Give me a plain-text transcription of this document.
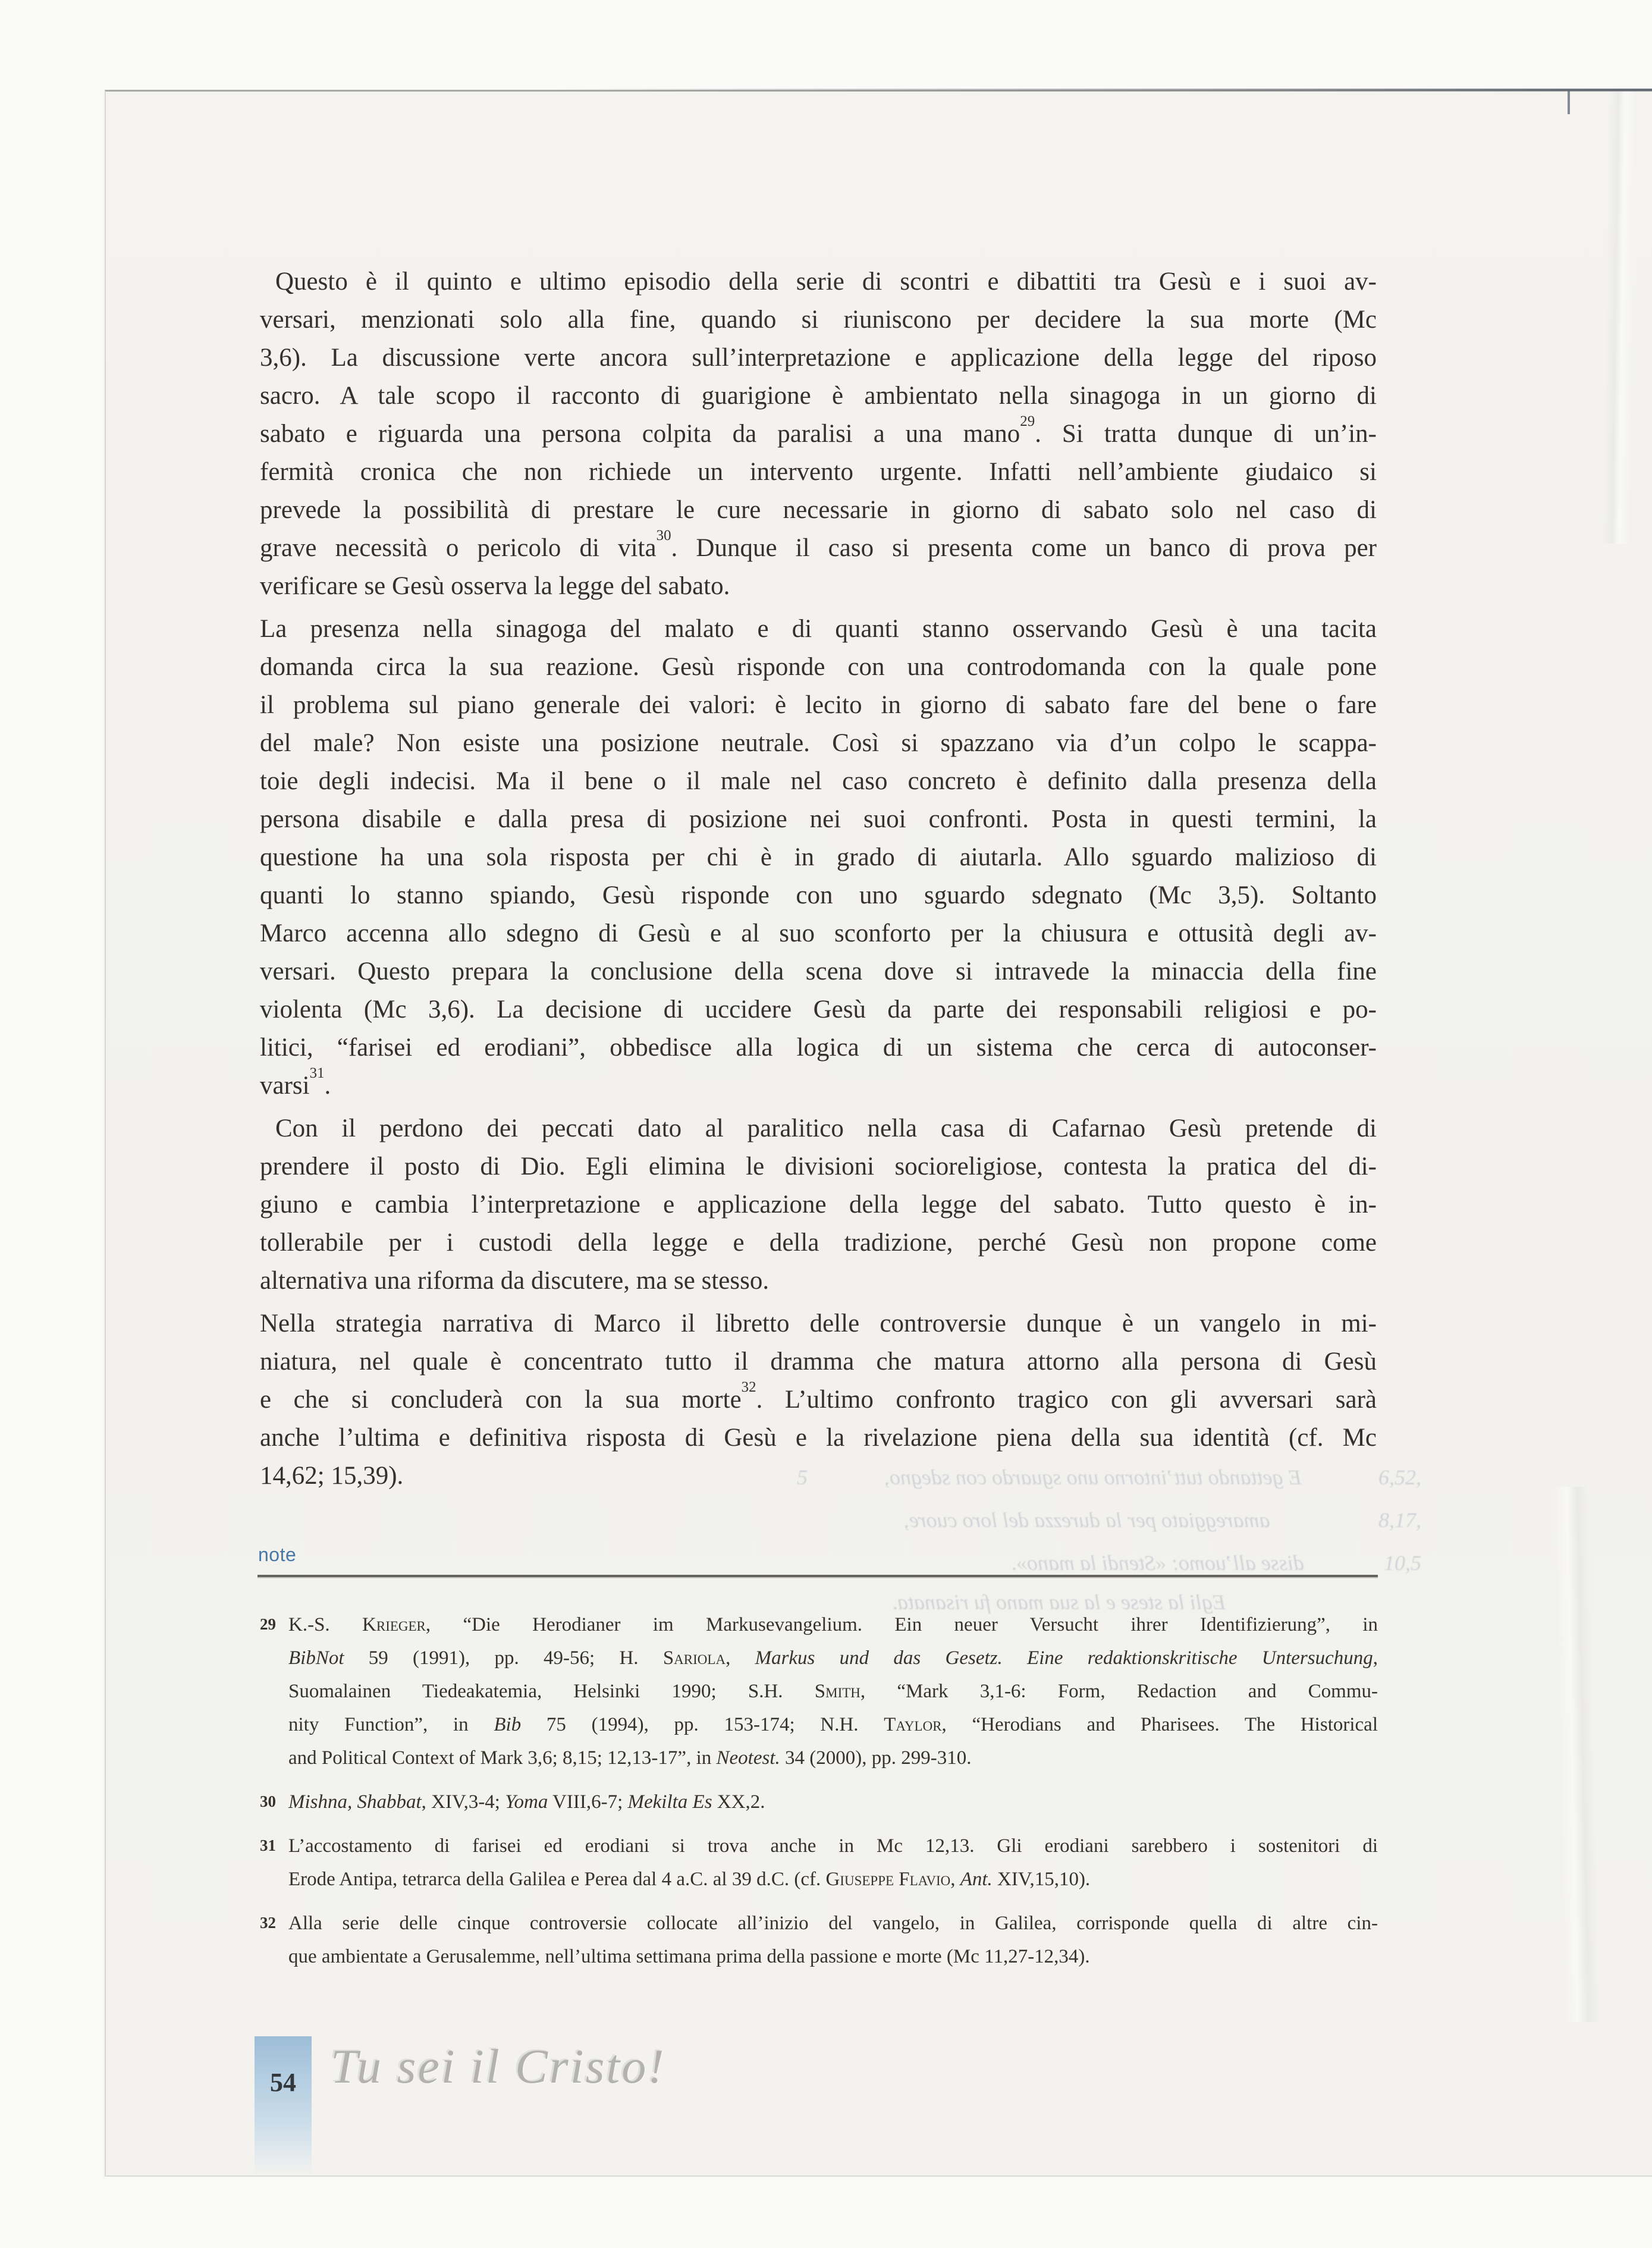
5	E gettando tutt’intorno uno sguardo con sdegno,	6,52,
amareggiato per la durezza del loro cuore,	8,17,
disse all’uomo: «Stendi la mano».	10,5
Egli la stese e la sua mano fu risanata.
Questo è il quinto e ultimo episodio della serie di scontri e dibattiti tra Gesù e i suoi av-
versari, menzionati solo alla fine, quando si riuniscono per decidere la sua morte (Mc
3,6). La discussione verte ancora sull’interpretazione e applicazione della legge del riposo
sacro. A tale scopo il racconto di guarigione è ambientato nella sinagoga in un giorno di
sabato e riguarda una persona colpita da paralisi a una mano$^{29}$. Si tratta dunque di un’in-
fermità cronica che non richiede un intervento urgente. Infatti nell’ambiente giudaico si
prevede la possibilità di prestare le cure necessarie in giorno di sabato solo nel caso di
grave necessità o pericolo di vita$^{30}$. Dunque il caso si presenta come un banco di prova per
verificare se Gesù osserva la legge del sabato.
La presenza nella sinagoga del malato e di quanti stanno osservando Gesù è una tacita
domanda circa la sua reazione. Gesù risponde con una controdomanda con la quale pone
il problema sul piano generale dei valori: è lecito in giorno di sabato fare del bene o fare
del male? Non esiste una posizione neutrale. Così si spazzano via d’un colpo le scappa-
toie degli indecisi. Ma il bene o il male nel caso concreto è definito dalla presenza della
persona disabile e dalla presa di posizione nei suoi confronti. Posta in questi termini, la
questione ha una sola risposta per chi è in grado di aiutarla. Allo sguardo malizioso di
quanti lo stanno spiando, Gesù risponde con uno sguardo sdegnato (Mc 3,5). Soltanto
Marco accenna allo sdegno di Gesù e al suo sconforto per la chiusura e ottusità degli av-
versari. Questo prepara la conclusione della scena dove si intravede la minaccia della fine
violenta (Mc 3,6). La decisione di uccidere Gesù da parte dei responsabili religiosi e po-
litici, “farisei ed erodiani”, obbedisce alla logica di un sistema che cerca di autoconser-
varsi$^{31}$.
Con il perdono dei peccati dato al paralitico nella casa di Cafarnao Gesù pretende di
prendere il posto di Dio. Egli elimina le divisioni socioreligiose, contesta la pratica del di-
giuno e cambia l’interpretazione e applicazione della legge del sabato. Tutto questo è in-
tollerabile per i custodi della legge e della tradizione, perché Gesù non propone come
alternativa una riforma da discutere, ma se stesso.
Nella strategia narrativa di Marco il libretto delle controversie dunque è un vangelo in mi-
niatura, nel quale è concentrato tutto il dramma che matura attorno alla persona di Gesù
e che si concluderà con la sua morte$^{32}$. L’ultimo confronto tragico con gli avversari sarà
anche l’ultima e definitiva risposta di Gesù e la rivelazione piena della sua identità (cf. Mc
14,62; 15,39).
note
29 K.-S. Krieger, “Die Herodianer im Markusevangelium. Ein neuer Versucht ihrer Identifizierung”, in
BibNot 59 (1991), pp. 49-56; H. Sariola, Markus und das Gesetz. Eine redaktionskritische Untersuchung,
Suomalainen Tiedeakatemia, Helsinki 1990; S.H. Smith, “Mark 3,1-6: Form, Redaction and Commu-
nity Function”, in Bib 75 (1994), pp. 153-174; N.H. Taylor, “Herodians and Pharisees. The Historical
and Political Context of Mark 3,6; 8,15; 12,13-17”, in Neotest. 34 (2000), pp. 299-310.
30 Mishna, Shabbat, XIV,3-4; Yoma VIII,6-7; Mekilta Es XX,2.
31 L’accostamento di farisei ed erodiani si trova anche in Mc 12,13. Gli erodiani sarebbero i sostenitori di
Erode Antipa, tetrarca della Galilea e Perea dal 4 a.C. al 39 d.C. (cf. Giuseppe Flavio, Ant. XIV,15,10).
32 Alla serie delle cinque controversie collocate all’inizio del vangelo, in Galilea, corrisponde quella di altre cin-
que ambientate a Gerusalemme, nell’ultima settimana prima della passione e morte (Mc 11,27-12,34).
54 Tu sei il Cristo!
